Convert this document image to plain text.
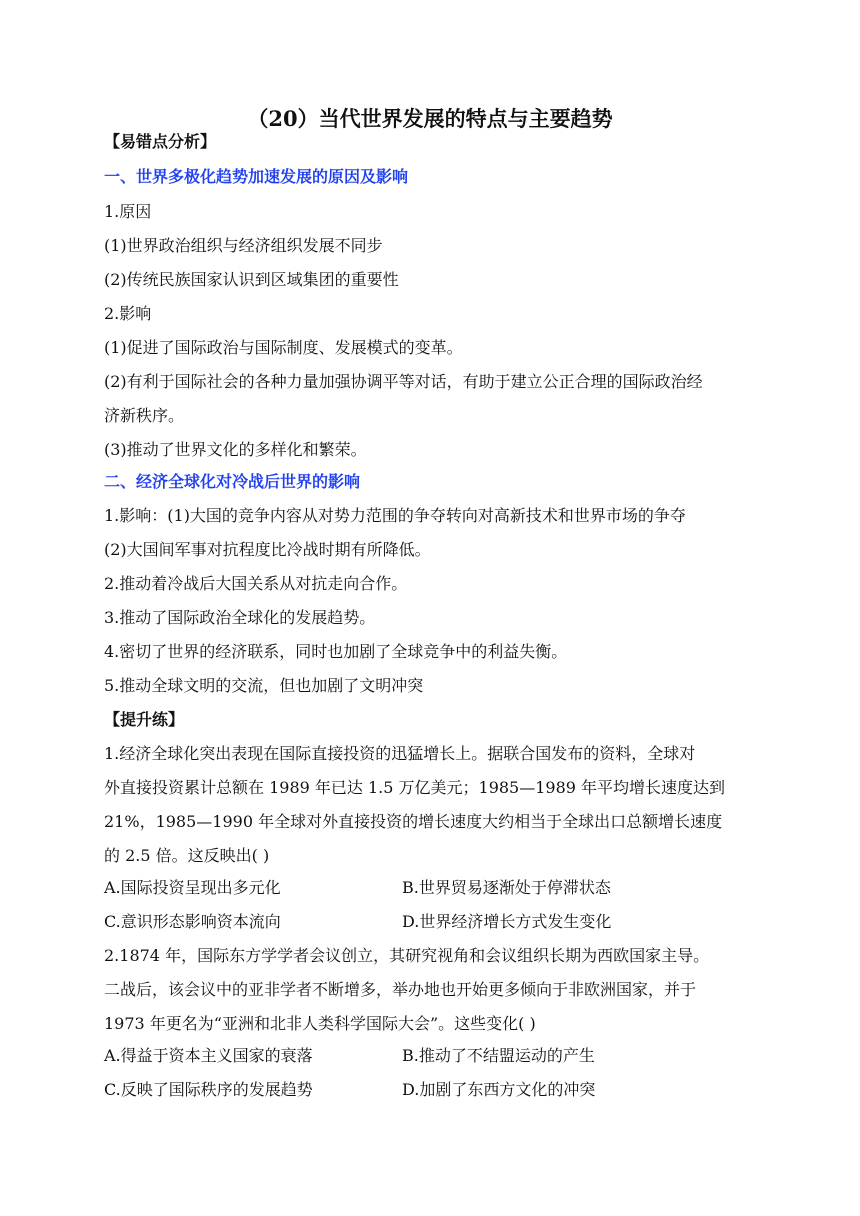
（20）当代世界发展的特点与主要趋势

【易错点分析】

一、世界多极化趋势加速发展的原因及影响

1.原因

(1)世界政治组织与经济组织发展不同步

(2)传统民族国家认识到区域集团的重要性

2.影响

(1)促进了国际政治与国际制度、发展模式的变革。

(2)有利于国际社会的各种力量加强协调平等对话，有助于建立公正合理的国际政治经

济新秩序。

(3)推动了世界文化的多样化和繁荣。

二、经济全球化对冷战后世界的影响

1.影响：(1)大国的竞争内容从对势力范围的争夺转向对高新技术和世界市场的争夺

(2)大国间军事对抗程度比冷战时期有所降低。

2.推动着冷战后大国关系从对抗走向合作。

3.推动了国际政治全球化的发展趋势。

4.密切了世界的经济联系，同时也加剧了全球竞争中的利益失衡。

5.推动全球文明的交流，但也加剧了文明冲突

【提升练】

1.经济全球化突出表现在国际直接投资的迅猛增长上。据联合国发布的资料，全球对

外直接投资累计总额在 1989 年已达 1.5 万亿美元；1985—1989 年平均增长速度达到

21%，1985—1990 年全球对外直接投资的增长速度大约相当于全球出口总额增长速度

的 2.5 倍。这反映出( )

A.国际投资呈现出多元化	B.世界贸易逐渐处于停滞状态
C.意识形态影响资本流向	D.世界经济增长方式发生变化

2.1874 年，国际东方学学者会议创立，其研究视角和会议组织长期为西欧国家主导。

二战后，该会议中的亚非学者不断增多，举办地也开始更多倾向于非欧洲国家，并于

1973 年更名为“亚洲和北非人类科学国际大会”。这些变化( )

A.得益于资本主义国家的衰落	B.推动了不结盟运动的产生
C.反映了国际秩序的发展趋势	D.加剧了东西方文化的冲突
